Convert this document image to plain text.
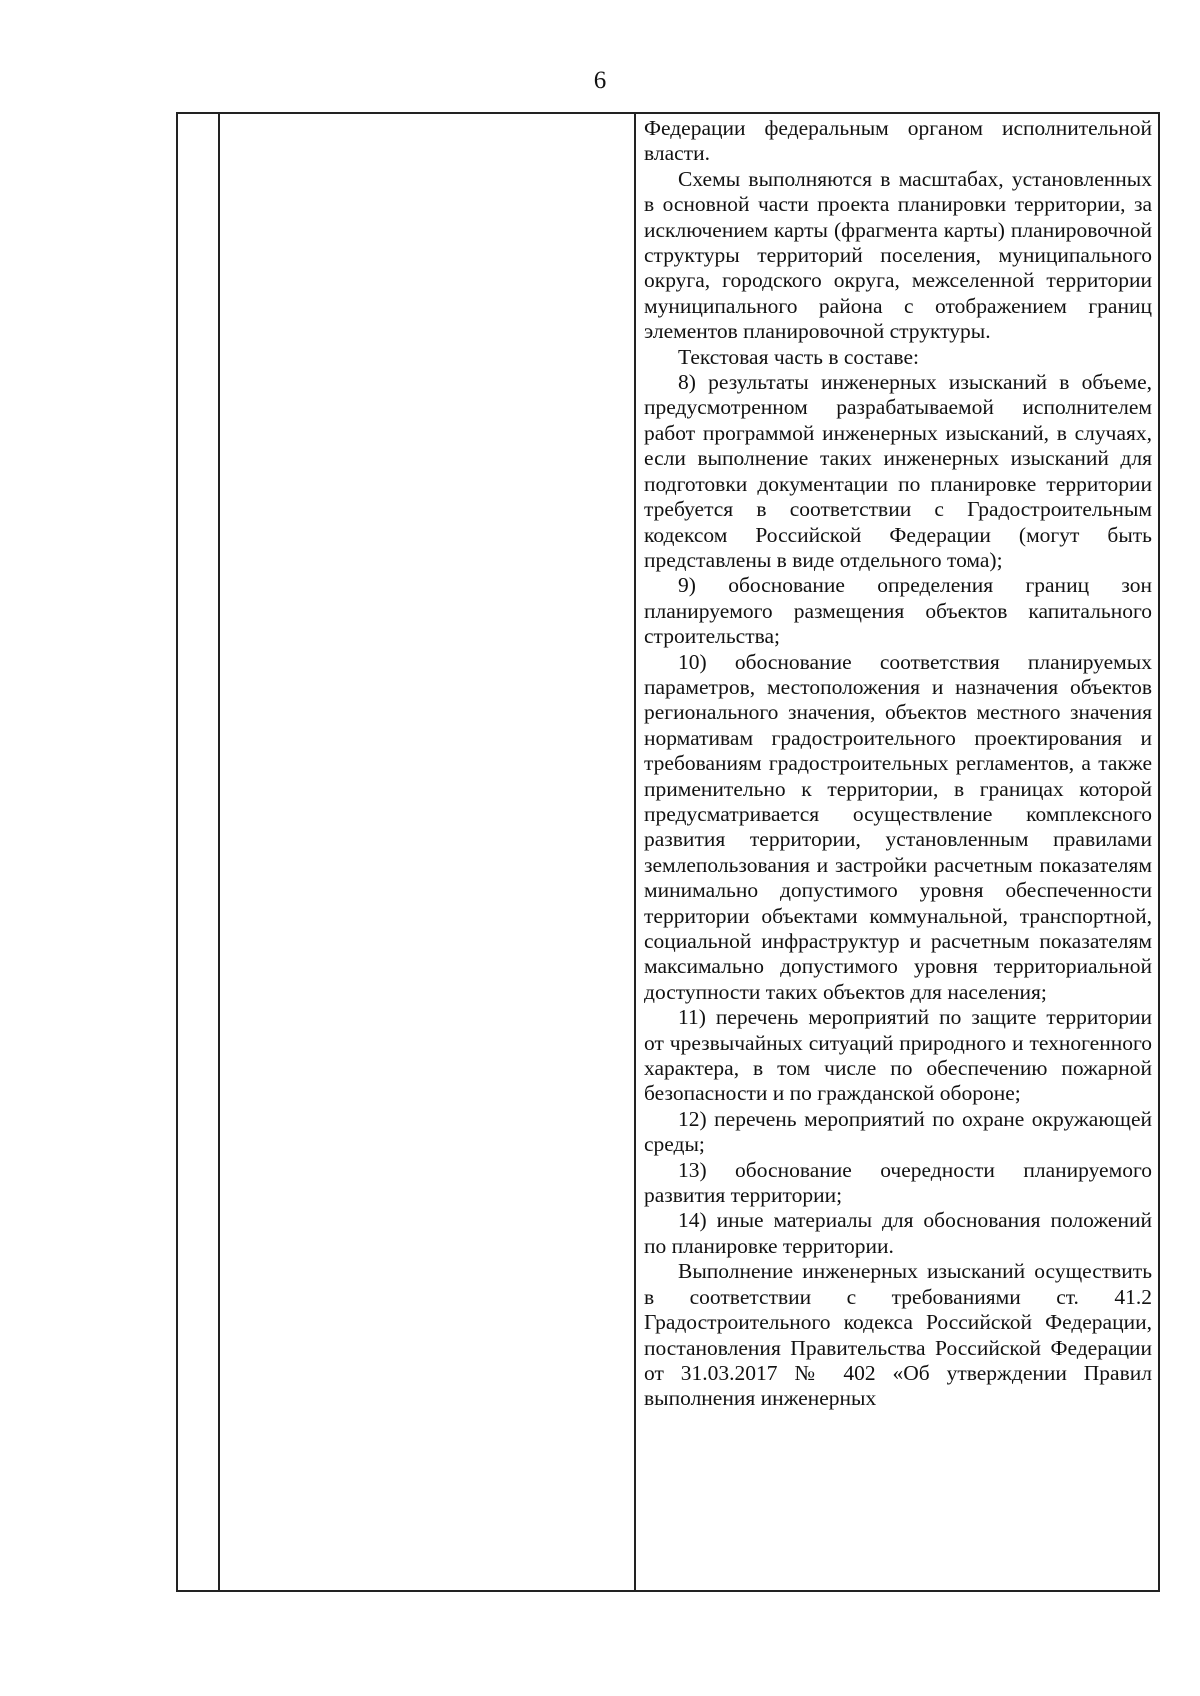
6

Федерации федеральным органом исполнительной власти.

Схемы выполняются в масштабах, установленных в основной части проекта планировки территории, за исключением карты (фрагмента карты) планировочной структуры территорий поселения, муниципального округа, городского округа, межселенной территории муниципального района с отображением границ элементов планировочной структуры.

Текстовая часть в составе:

8) результаты инженерных изысканий в объеме, предусмотренном разрабатываемой исполнителем работ программой инженерных изысканий, в случаях, если выполнение таких инженерных изысканий для подготовки документации по планировке территории требуется в соответствии с Градостроительным кодексом Российской Федерации (могут быть представлены в виде отдельного тома);

9) обоснование определения границ зон планируемого размещения объектов капитального строительства;

10) обоснование соответствия планируемых параметров, местоположения и назначения объектов регионального значения, объектов местного значения нормативам градостроительного проектирования и требованиям градостроительных регламентов, а также применительно к территории, в границах которой предусматривается осуществление комплексного развития территории, установленным правилами землепользования и застройки расчетным показателям минимально допустимого уровня обеспеченности территории объектами коммунальной, транспортной, социальной инфраструктур и расчетным показателям максимально допустимого уровня территориальной доступности таких объектов для населения;

11) перечень мероприятий по защите территории от чрезвычайных ситуаций природного и техногенного характера, в том числе по обеспечению пожарной безопасности и по гражданской обороне;

12) перечень мероприятий по охране окружающей среды;

13) обоснование очередности планируемого развития территории;

14) иные материалы для обоснования положений по планировке территории.

Выполнение инженерных изысканий осуществить в соответствии с требованиями ст. 41.2 Градостроительного кодекса Российской Федерации, постановления Правительства Российской Федерации от 31.03.2017 № 402 «Об утверждении Правил выполнения инженерных
